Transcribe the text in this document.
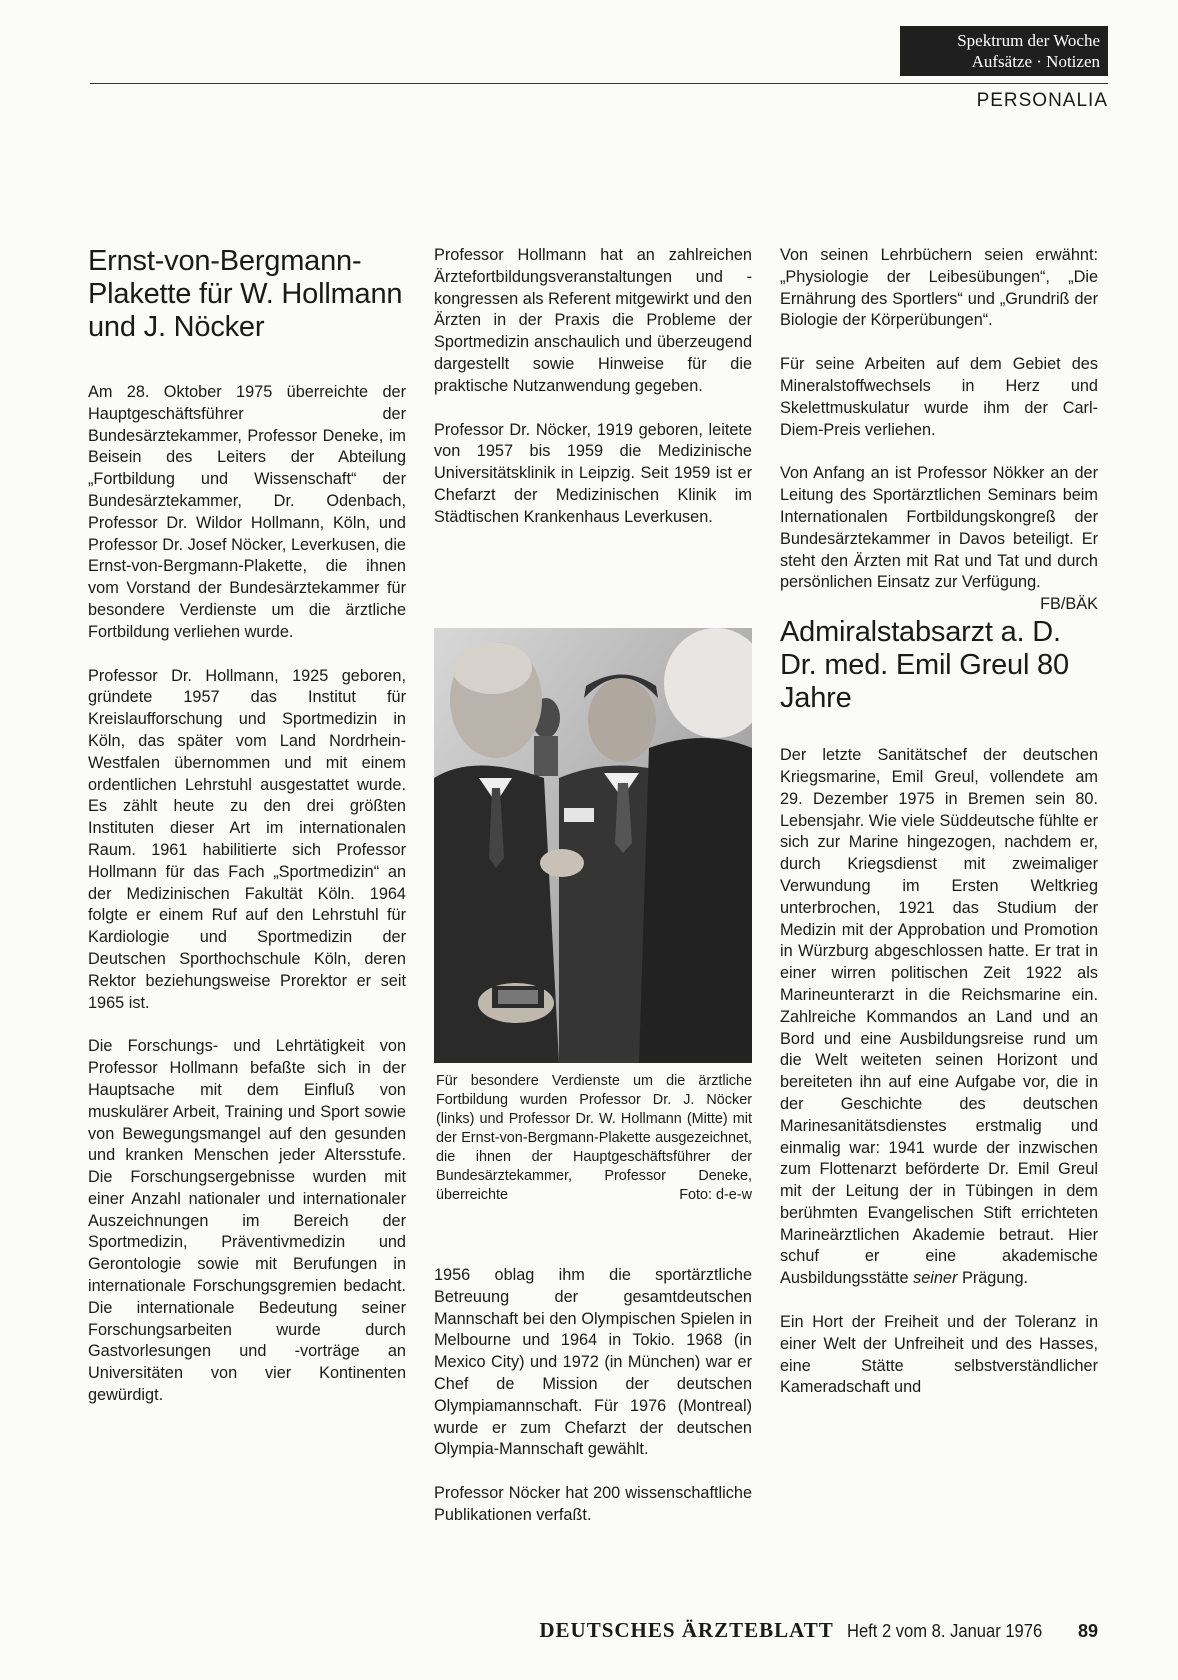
Spektrum der Woche
Aufsätze · Notizen
PERSONALIA
Ernst-von-Bergmann-Plakette für W. Hollmann und J. Nöcker

Am 28. Oktober 1975 überreichte der Hauptgeschäftsführer der Bundesärztekammer, Professor Deneke, im Beisein des Leiters der Abteilung „Fortbildung und Wissenschaft“ der Bundesärztekammer, Dr. Odenbach, Professor Dr. Wildor Hollmann, Köln, und Professor Dr. Josef Nöcker, Leverkusen, die Ernst-von-Bergmann-Plakette, die ihnen vom Vorstand der Bundesärztekammer für besondere Verdienste um die ärztliche Fortbildung verliehen wurde.

Professor Dr. Hollmann, 1925 geboren, gründete 1957 das Institut für Kreislaufforschung und Sportmedizin in Köln, das später vom Land Nordrhein-Westfalen übernommen und mit einem ordentlichen Lehrstuhl ausgestattet wurde. Es zählt heute zu den drei größten Instituten dieser Art im internationalen Raum. 1961 habilitierte sich Professor Hollmann für das Fach „Sportmedizin“ an der Medizinischen Fakultät Köln. 1964 folgte er einem Ruf auf den Lehrstuhl für Kardiologie und Sportmedizin der Deutschen Sporthochschule Köln, deren Rektor beziehungsweise Prorektor er seit 1965 ist.

Die Forschungs- und Lehrtätigkeit von Professor Hollmann befaßte sich in der Hauptsache mit dem Einfluß von muskulärer Arbeit, Training und Sport sowie von Bewegungsmangel auf den gesunden und kranken Menschen jeder Altersstufe. Die Forschungsergebnisse wurden mit einer Anzahl nationaler und internationaler Auszeichnungen im Bereich der Sportmedizin, Präventivmedizin und Gerontologie sowie mit Berufungen in internationale Forschungsgremien bedacht. Die internationale Bedeutung seiner Forschungsarbeiten wurde durch Gastvorlesungen und -vorträge an Universitäten von vier Kontinenten gewürdigt.

Professor Hollmann hat an zahlreichen Ärztefortbildungsveranstaltungen und -kongressen als Referent mitgewirkt und den Ärzten in der Praxis die Probleme der Sportmedizin anschaulich und überzeugend dargestellt sowie Hinweise für die praktische Nutzanwendung gegeben.

Professor Dr. Nöcker, 1919 geboren, leitete von 1957 bis 1959 die Medizinische Universitätsklinik in Leipzig. Seit 1959 ist er Chefarzt der Medizinischen Klinik im Städtischen Krankenhaus Leverkusen.

Für besondere Verdienste um die ärztliche Fortbildung wurden Professor Dr. J. Nöcker (links) und Professor Dr. W. Hollmann (Mitte) mit der Ernst-von-Bergmann-Plakette ausgezeichnet, die ihnen der Hauptgeschäftsführer der Bundesärztekammer, Professor Deneke, überreichte	Foto: d-e-w

1956 oblag ihm die sportärztliche Betreuung der gesamtdeutschen Mannschaft bei den Olympischen Spielen in Melbourne und 1964 in Tokio. 1968 (in Mexico City) und 1972 (in München) war er Chef de Mission der deutschen Olympiamannschaft. Für 1976 (Montreal) wurde er zum Chefarzt der deutschen Olympia-Mannschaft gewählt.

Professor Nöcker hat 200 wissenschaftliche Publikationen verfaßt.

Von seinen Lehrbüchern seien erwähnt: „Physiologie der Leibesübungen“, „Die Ernährung des Sportlers“ und „Grundriß der Biologie der Körperübungen“.

Für seine Arbeiten auf dem Gebiet des Mineralstoffwechsels in Herz und Skelettmuskulatur wurde ihm der Carl-Diem-Preis verliehen.

Von Anfang an ist Professor Nökker an der Leitung des Sportärztlichen Seminars beim Internationalen Fortbildungskongreß der Bundesärztekammer in Davos beteiligt. Er steht den Ärzten mit Rat und Tat und durch persönlichen Einsatz zur Verfügung.
FB/BÄK

Admiralstabsarzt a. D. Dr. med. Emil Greul 80 Jahre

Der letzte Sanitätschef der deutschen Kriegsmarine, Emil Greul, vollendete am 29. Dezember 1975 in Bremen sein 80. Lebensjahr. Wie viele Süddeutsche fühlte er sich zur Marine hingezogen, nachdem er, durch Kriegsdienst mit zweimaliger Verwundung im Ersten Weltkrieg unterbrochen, 1921 das Studium der Medizin mit der Approbation und Promotion in Würzburg abgeschlossen hatte. Er trat in einer wirren politischen Zeit 1922 als Marineunterarzt in die Reichsmarine ein. Zahlreiche Kommandos an Land und an Bord und eine Ausbildungsreise rund um die Welt weiteten seinen Horizont und bereiteten ihn auf eine Aufgabe vor, die in der Geschichte des deutschen Marinesanitätsdienstes erstmalig und einmalig war: 1941 wurde der inzwischen zum Flottenarzt beförderte Dr. Emil Greul mit der Leitung der in Tübingen in dem berühmten Evangelischen Stift errichteten Marineärztlichen Akademie betraut. Hier schuf er eine akademische Ausbildungsstätte seiner Prägung.

Ein Hort der Freiheit und der Toleranz in einer Welt der Unfreiheit und des Hasses, eine Stätte selbstverständlicher Kameradschaft und

DEUTSCHES ÄRZTEBLATT Heft 2 vom 8. Januar 1976 89
